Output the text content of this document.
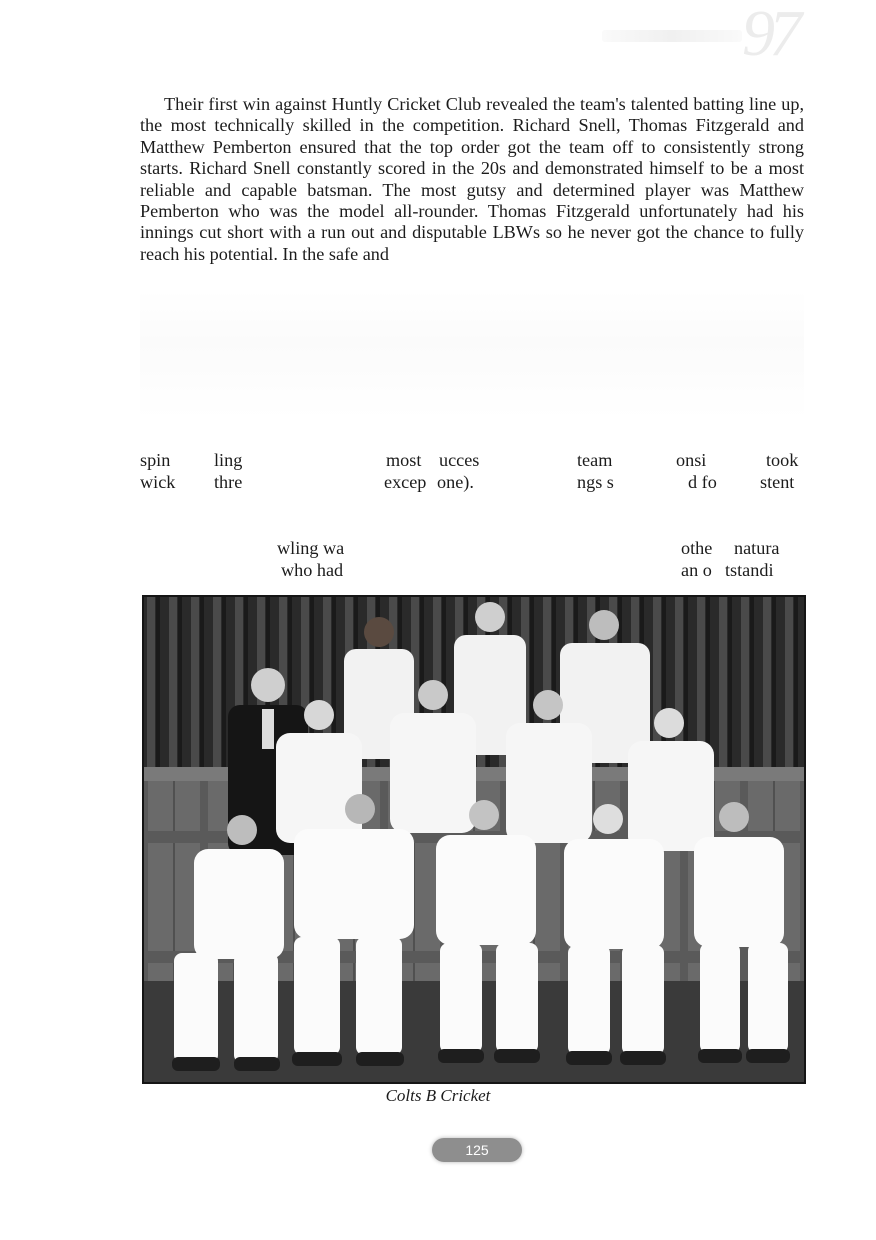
97

Their first win against Huntly Cricket Club revealed the team's talented batting line up, the most technically skilled in the competition. Richard Snell, Thomas Fitzgerald and Matthew Pemberton ensured that the top order got the team off to consistently strong starts. Richard Snell constantly scored in the 20s and demonstrated himself to be a most reliable and capable batsman. The most gutsy and determined player was Matthew Pemberton who was the model all-rounder. Thomas Fitzgerald unfortunately had his innings cut short with a run out and disputable LBWs so he never got the chance to fully reach his potential. In the safe and

spin ling	most ucces	team	onsi	took
wick thre	excep one).	ngs s	d fo stent
wling wa	othe natura
who had	an o tstandi
Colts B Cricket
125
